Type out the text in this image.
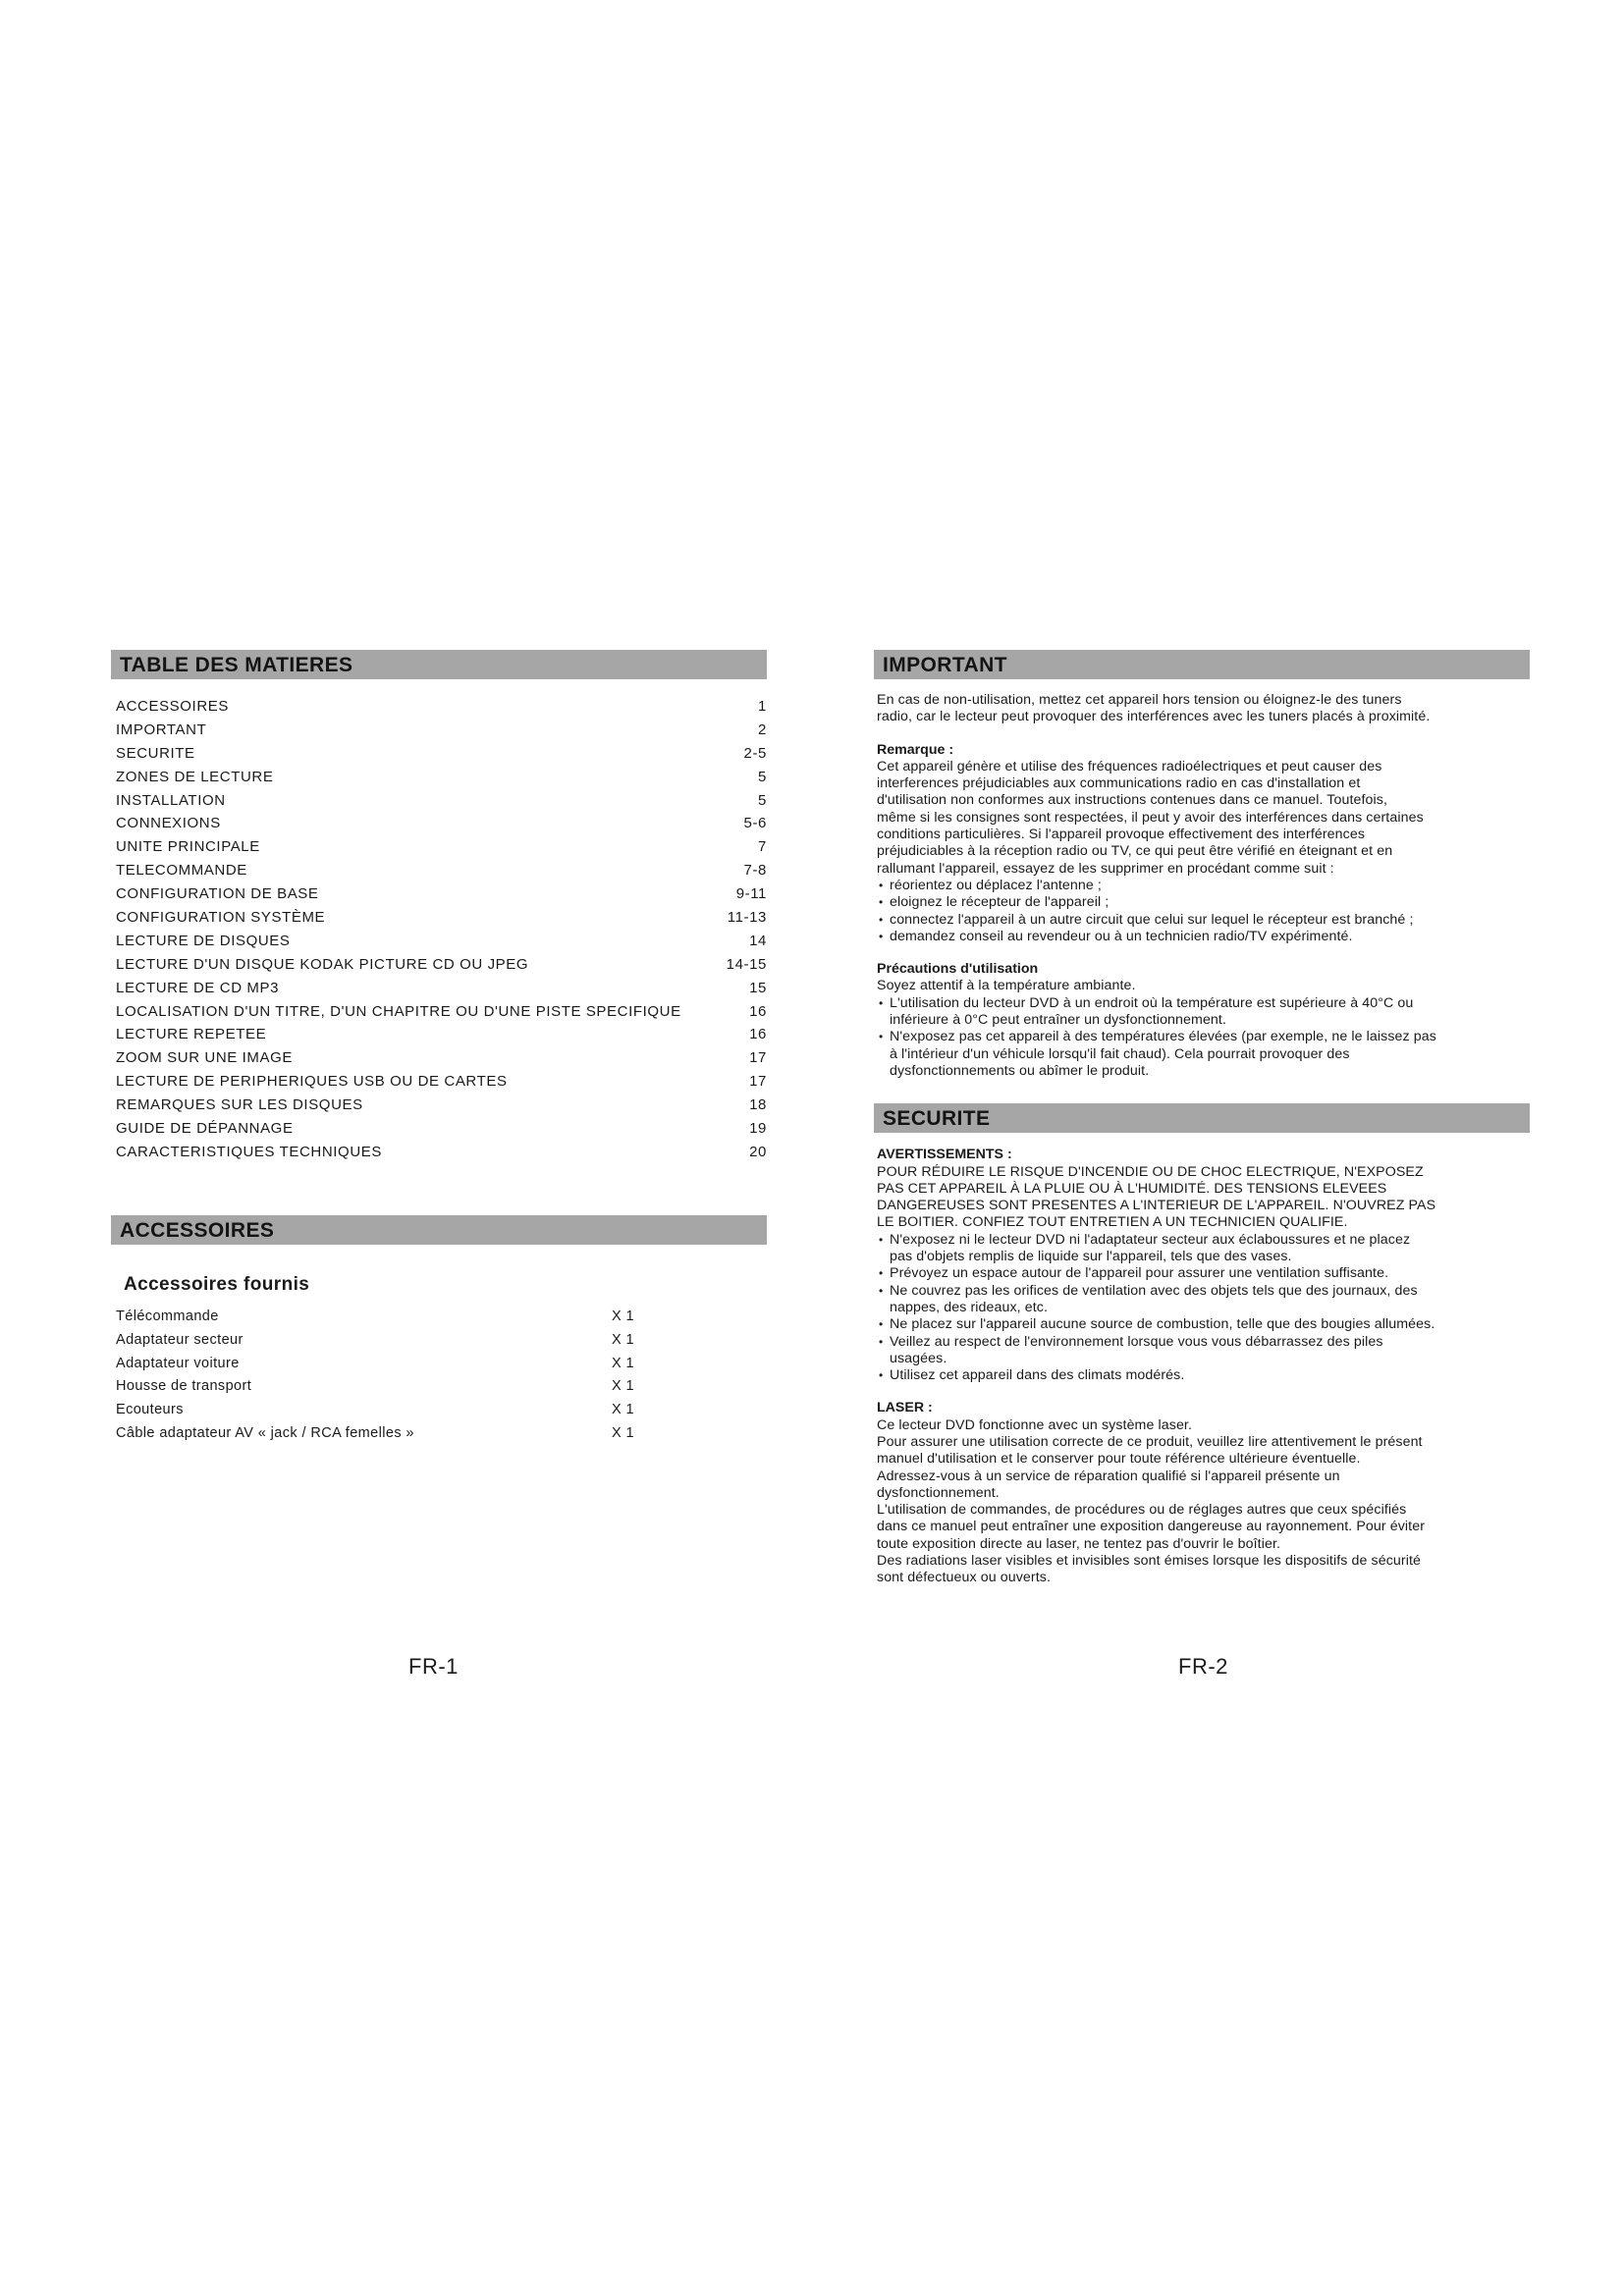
TABLE DES MATIERES
ACCESSOIRES	1
IMPORTANT	2
SECURITE	2-5
ZONES DE LECTURE	5
INSTALLATION	5
CONNEXIONS	5-6
UNITE PRINCIPALE	7
TELECOMMANDE	7-8
CONFIGURATION DE BASE	9-11
CONFIGURATION SYSTÈME	11-13
LECTURE DE DISQUES	14
LECTURE D'UN DISQUE KODAK PICTURE CD OU JPEG	14-15
LECTURE DE CD MP3	15
LOCALISATION D'UN TITRE, D'UN CHAPITRE OU D'UNE PISTE SPECIFIQUE	16
LECTURE REPETEE	16
ZOOM SUR UNE IMAGE	17
LECTURE DE PERIPHERIQUES USB OU DE CARTES	17
REMARQUES SUR LES DISQUES	18
GUIDE DE DÉPANNAGE	19
CARACTERISTIQUES TECHNIQUES	20
ACCESSOIRES
Accessoires fournis
Télécommande	X 1
Adaptateur secteur	X 1
Adaptateur voiture	X 1
Housse de transport	X 1
Ecouteurs	X 1
Câble adaptateur AV « jack / RCA femelles »	X 1
IMPORTANT

En cas de non-utilisation, mettez cet appareil hors tension ou éloignez-le des tuners

radio, car le lecteur peut provoquer des interférences avec les tuners placés à proximité.

Remarque :

Cet appareil génère et utilise des fréquences radioélectriques et peut causer des

interferences préjudiciables aux communications radio en cas d'installation et

d'utilisation non conformes aux instructions contenues dans ce manuel. Toutefois,

même si les consignes sont respectées, il peut y avoir des interférences dans certaines

conditions particulières. Si l'appareil provoque effectivement des interférences

préjudiciables à la réception radio ou TV, ce qui peut être vérifié en éteignant et en

rallumant l'appareil, essayez de les supprimer en procédant comme suit :

• réorientez ou déplacez l'antenne ;
• eloignez le récepteur de l'appareil ;
• connectez l'appareil à un autre circuit que celui sur lequel le récepteur est branché ;
• demandez conseil au revendeur ou à un technicien radio/TV expérimenté.
Précautions d'utilisation

Soyez attentif à la température ambiante.

• L'utilisation du lecteur DVD à un endroit où la température est supérieure à 40°C ou
inférieure à 0°C peut entraîner un dysfonctionnement.
• N'exposez pas cet appareil à des températures élevées (par exemple, ne le laissez pas
à l'intérieur d'un véhicule lorsqu'il fait chaud). Cela pourrait provoquer des
dysfonctionnements ou abîmer le produit.
SECURITE
AVERTISSEMENTS :

POUR RÉDUIRE LE RISQUE D'INCENDIE OU DE CHOC ELECTRIQUE, N'EXPOSEZ

PAS CET APPAREIL À LA PLUIE OU À L'HUMIDITÉ. DES TENSIONS ELEVEES

DANGEREUSES SONT PRESENTES A L'INTERIEUR DE L'APPAREIL. N'OUVREZ PAS

LE BOITIER. CONFIEZ TOUT ENTRETIEN A UN TECHNICIEN QUALIFIE.

• N'exposez ni le lecteur DVD ni l'adaptateur secteur aux éclaboussures et ne placez
pas d'objets remplis de liquide sur l'appareil, tels que des vases.
• Prévoyez un espace autour de l'appareil pour assurer une ventilation suffisante.
• Ne couvrez pas les orifices de ventilation avec des objets tels que des journaux, des
nappes, des rideaux, etc.
• Ne placez sur l'appareil aucune source de combustion, telle que des bougies allumées.
• Veillez au respect de l'environnement lorsque vous vous débarrassez des piles
usagées.
• Utilisez cet appareil dans des climats modérés.
LASER :

Ce lecteur DVD fonctionne avec un système laser.

Pour assurer une utilisation correcte de ce produit, veuillez lire attentivement le présent

manuel d'utilisation et le conserver pour toute référence ultérieure éventuelle.

Adressez-vous à un service de réparation qualifié si l'appareil présente un

dysfonctionnement.

L'utilisation de commandes, de procédures ou de réglages autres que ceux spécifiés

dans ce manuel peut entraîner une exposition dangereuse au rayonnement. Pour éviter

toute exposition directe au laser, ne tentez pas d'ouvrir le boîtier.

Des radiations laser visibles et invisibles sont émises lorsque les dispositifs de sécurité

sont défectueux ou ouverts.

FR-1	FR-2
